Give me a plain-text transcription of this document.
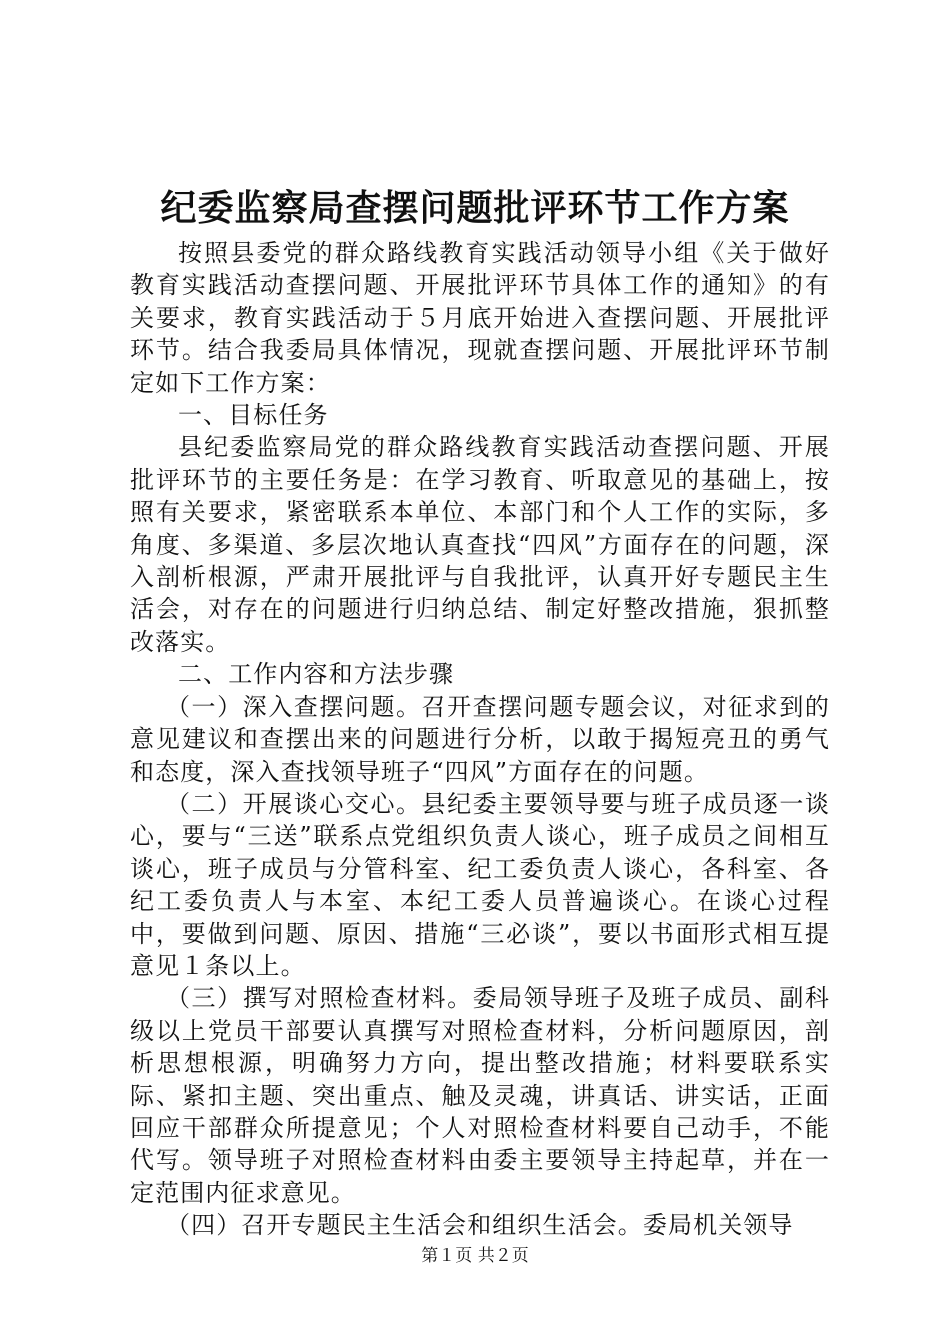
纪委监察局查摆问题批评环节工作方案

按照县委党的群众路线教育实践活动领导小组《关于做好教育实践活动查摆问题、开展批评环节具体工作的通知》的有关要求，教育实践活动于５月底开始进入查摆问题、开展批评环节。结合我委局具体情况，现就查摆问题、开展批评环节制定如下工作方案：

一、目标任务

县纪委监察局党的群众路线教育实践活动查摆问题、开展批评环节的主要任务是：在学习教育、听取意见的基础上，按照有关要求，紧密联系本单位、本部门和个人工作的实际，多角度、多渠道、多层次地认真查找“四风”方面存在的问题，深入剖析根源，严肃开展批评与自我批评，认真开好专题民主生活会，对存在的问题进行归纳总结、制定好整改措施，狠抓整改落实。

二、工作内容和方法步骤

（一）深入查摆问题。召开查摆问题专题会议，对征求到的意见建议和查摆出来的问题进行分析，以敢于揭短亮丑的勇气和态度，深入查找领导班子“四风”方面存在的问题。

（二）开展谈心交心。县纪委主要领导要与班子成员逐一谈心，要与“三送”联系点党组织负责人谈心，班子成员之间相互谈心，班子成员与分管科室、纪工委负责人谈心，各科室、各纪工委负责人与本室、本纪工委人员普遍谈心。在谈心过程中，要做到问题、原因、措施“三必谈”，要以书面形式相互提意见１条以上。

（三）撰写对照检查材料。委局领导班子及班子成员、副科级以上党员干部要认真撰写对照检查材料，分析问题原因，剖析思想根源，明确努力方向，提出整改措施；材料要联系实际、紧扣主题、突出重点、触及灵魂，讲真话、讲实话，正面回应干部群众所提意见；个人对照检查材料要自己动手，不能代写。领导班子对照检查材料由委主要领导主持起草，并在一定范围内征求意见。

（四）召开专题民主生活会和组织生活会。委局机关领导

第１页 共２页
